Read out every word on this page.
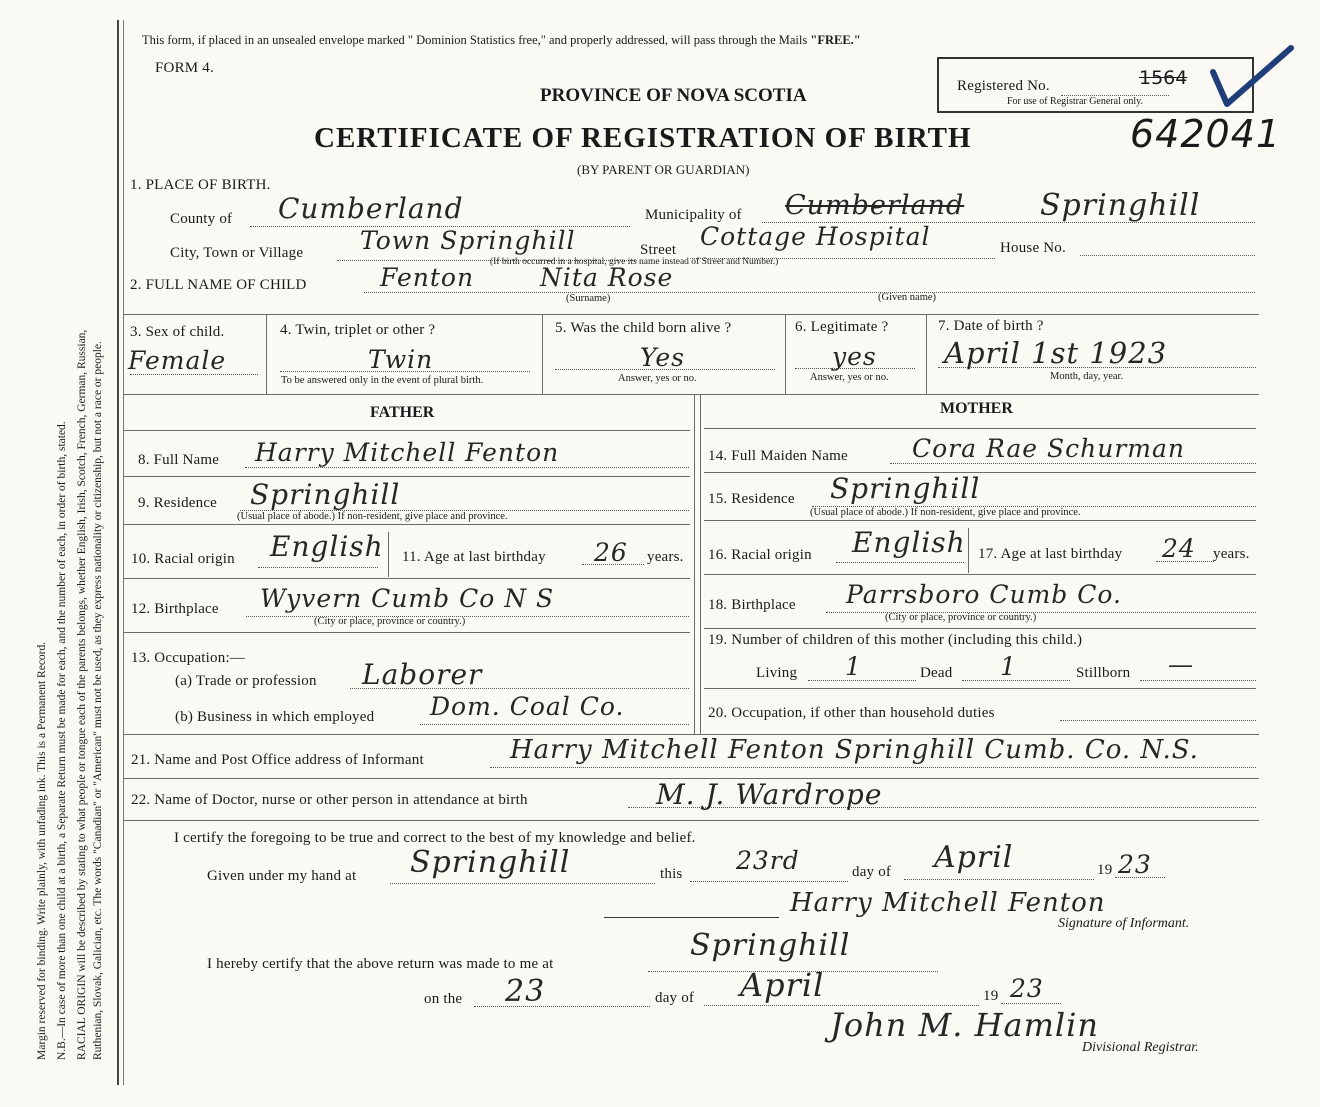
Margin reserved for binding. Write plainly, with unfading ink. This is a Permanent Record. N.B.—In case of more than one child at a birth, a Separate Return must be made for each, and the number of each, in order of birth, stated. RACIAL ORIGIN will be described by stating to what people or tongue each of the parents belongs, whether English, Irish, Scotch, French, German, Russian, Ruthenian, Slovak, Galician, etc. The words "Canadian" or "American" must not be used, as they express nationality or citizenship, but not a race or people.
This form, if placed in an unsealed envelope marked " Dominion Statistics free," and properly addressed, will pass through the Mails "FREE."
FORM 4.
PROVINCE OF NOVA SCOTIA
CERTIFICATE OF REGISTRATION OF BIRTH
(BY PARENT OR GUARDIAN)
Registered No.	1564
For use of Registrar General only.
642041
1. PLACE OF BIRTH.
County of Cumberland	Municipality of Cumberland	Springhill
City, Town or Village Town Springhill	Street Cottage Hospital	House No.
(If birth occurred in a hospital, give its name instead of Street and Number.)
2. FULL NAME OF CHILD	Fenton	Nita Rose
(Surname)	(Given name)
3. Sex of child.
Female
4. Twin, triplet or other ?
Twin
To be answered only in the event of plural birth.
5. Was the child born alive ?
Yes
Answer, yes or no.
6. Legitimate ?
yes
Answer, yes or no.
7. Date of birth ?
April 1st 1923
Month, day, year.
FATHER
8. Full Name Harry Mitchell Fenton
9. Residence Springhill
(Usual place of abode.) If non-resident, give place and province.
10. Racial origin English 11. Age at last birthday 26 years.
12. Birthplace Wyvern Cumb Co N S
(City or place, province or country.)
13. Occupation:—
(a) Trade or profession Laborer
(b) Business in which employed Dom. Coal Co.
MOTHER
14. Full Maiden Name	Cora Rae Schurman
15. Residence Springhill
(Usual place of abode.) If non-resident, give place and province.
16. Racial origin English 17. Age at last birthday 24 years.
18. Birthplace Parrsboro Cumb Co.
(City or place, province or country.)
19. Number of children of this mother (including this child.)
Living 1	Dead 1	Stillborn —
20. Occupation, if other than household duties
21. Name and Post Office address of Informant	Harry Mitchell Fenton Springhill Cumb. Co. N.S.
22. Name of Doctor, nurse or other person in attendance at birth	M. J. Wardrope
I certify the foregoing to be true and correct to the best of my knowledge and belief.
Given under my hand at Springhill	this 23rd	day of April	19 23
Harry Mitchell Fenton
Signature of Informant.
I hereby certify that the above return was made to me at
Springhill
on the 23	day of April	19 23
John M. Hamlin
Divisional Registrar.
